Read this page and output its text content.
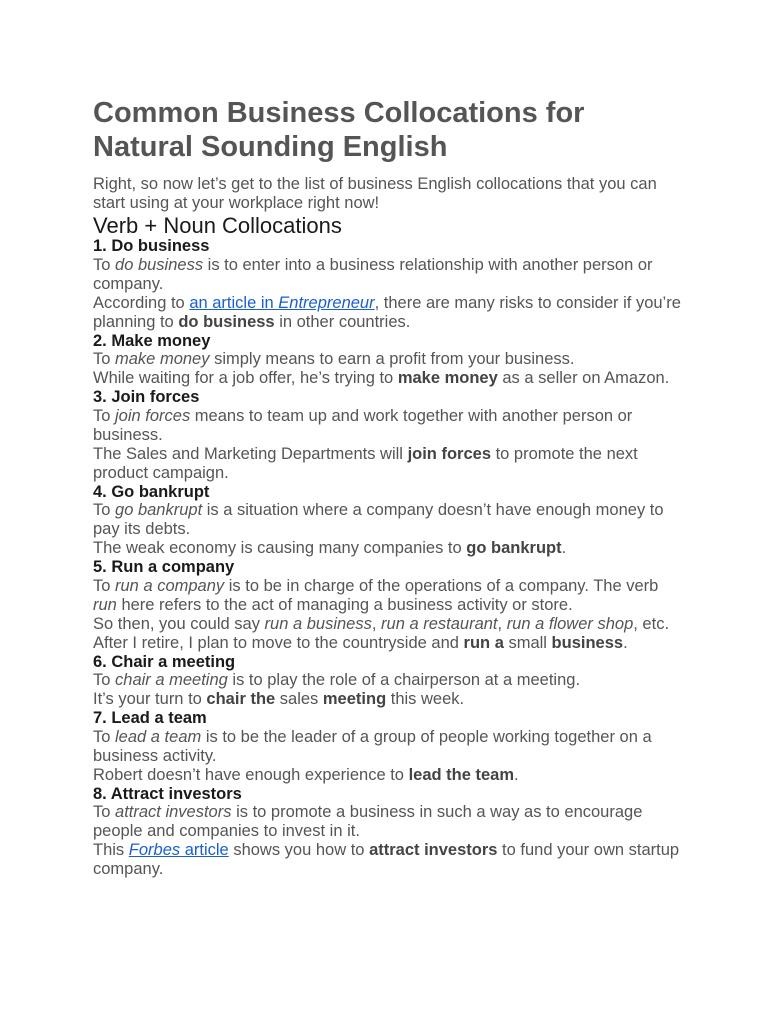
Common Business Collocations for Natural Sounding English

Right, so now let’s get to the list of business English collocations that you can start using at your workplace right now!

Verb + Noun Collocations
1. Do business

To do business is to enter into a business relationship with another person or company.

According to an article in Entrepreneur, there are many risks to consider if you’re planning to do business in other countries.

2. Make money

To make money simply means to earn a profit from your business.

While waiting for a job offer, he’s trying to make money as a seller on Amazon.

3. Join forces

To join forces means to team up and work together with another person or business.

The Sales and Marketing Departments will join forces to promote the next product campaign.

4. Go bankrupt

To go bankrupt is a situation where a company doesn’t have enough money to pay its debts.

The weak economy is causing many companies to go bankrupt.

5. Run a company

To run a company is to be in charge of the operations of a company. The verb run here refers to the act of managing a business activity or store.

So then, you could say run a business, run a restaurant, run a flower shop, etc.

After I retire, I plan to move to the countryside and run a small business.

6. Chair a meeting

To chair a meeting is to play the role of a chairperson at a meeting.

It’s your turn to chair the sales meeting this week.

7. Lead a team

To lead a team is to be the leader of a group of people working together on a business activity.

Robert doesn’t have enough experience to lead the team.

8. Attract investors

To attract investors is to promote a business in such a way as to encourage people and companies to invest in it.

This Forbes article shows you how to attract investors to fund your own startup company.
